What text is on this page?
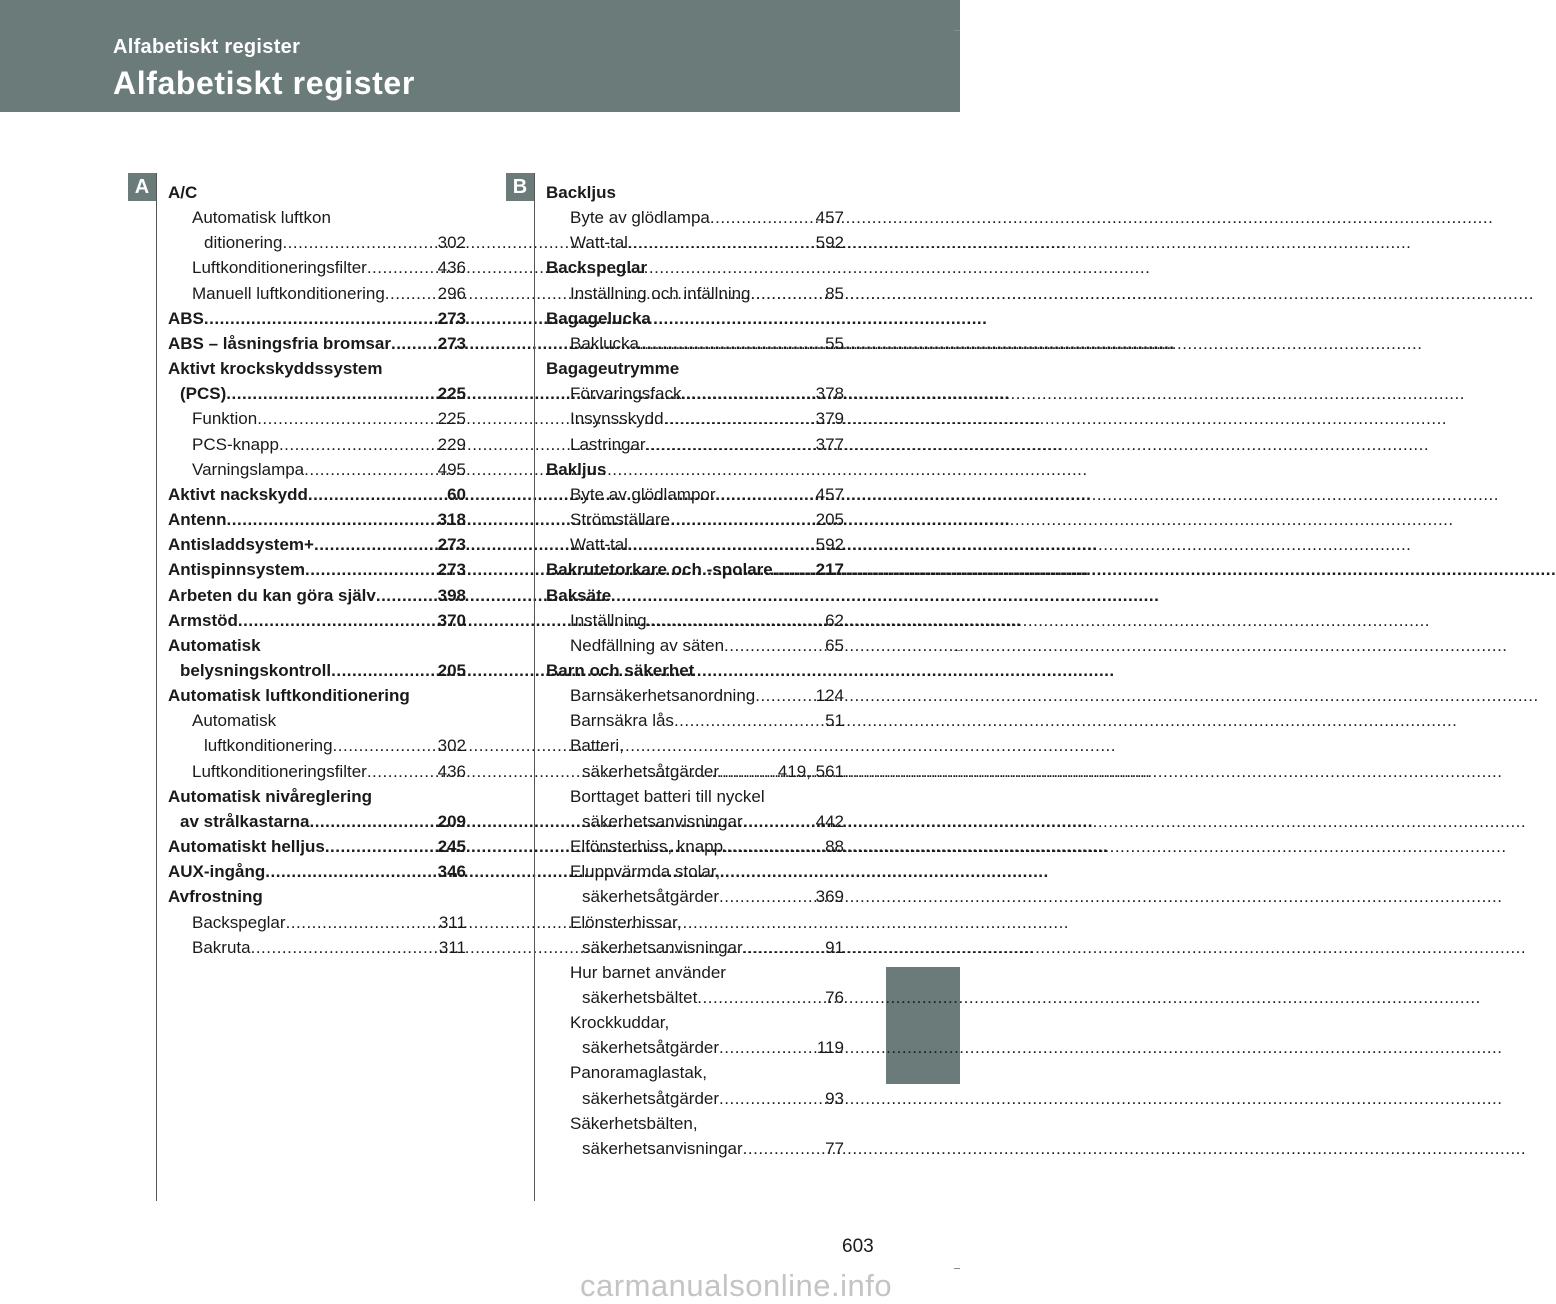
Alfabetiskt register
Alfabetiskt register
A	A/C
Automatisk luftkon
ditionering .....	302
Luftkonditioneringsfilter .....	436
Manuell luftkonditionering .....	296
ABS .....	273
ABS – låsningsfria bromsar .....	273
Aktivt krockskyddssystem
(PCS) .....	225
Funktion .....	225
PCS-knapp .....	229
Varningslampa .....	495
Aktivt nackskydd .....	60
Antenn .....	318
Antisladdsystem+ .....	273
Antispinnsystem .....	273
Arbeten du kan göra själv .....	398
Armstöd .....	370
Automatisk
belysningskontroll .....	205
Automatisk luftkonditionering
Automatisk
luftkonditionering .....	302
Luftkonditioneringsfilter .....	436
Automatisk nivåreglering
av strålkastarna .....	209
Automatiskt helljus .....	245
AUX-ingång .....	346
Avfrostning
Backspeglar .....	311
Bakruta .....	311
B	Backljus
Byte av glödlampa .....	457
Watt-tal .....	592
Backspeglar
Inställning och infällning .....	85
Bagagelucka
Baklucka .....	55
Bagageutrymme
Förvaringsfack .....	378
Insynsskydd .....	379
Lastringar .....	377
Bakljus
Byte av glödlampor .....	457
Strömställare .....	205
Watt-tal .....	592
Bakrutetorkare och -spolare .....	217
Baksäte
Inställning .....	62
Nedfällning av säten .....	65
Barn och säkerhet
Barnsäkerhetsanordning .....	124
Barnsäkra lås .....	51
Batteri,
säkerhetsåtgärder .....	419, 561
Borttaget batteri till nyckel
säkerhetsanvisningar .....	442
Elfönsterhiss, knapp .....	88
Eluppvärmda stolar,
säkerhetsåtgärder .....	369
Elönsterhissar,
säkerhetsanvisningar .....	91
Hur barnet använder
säkerhetsbältet .....	76
Krockkuddar,
säkerhetsåtgärder .....	119
Panoramaglastak,
säkerhetsåtgärder .....	93
Säkerhetsbälten,
säkerhetsanvisningar .....	77
603
carmanualsonline.info
